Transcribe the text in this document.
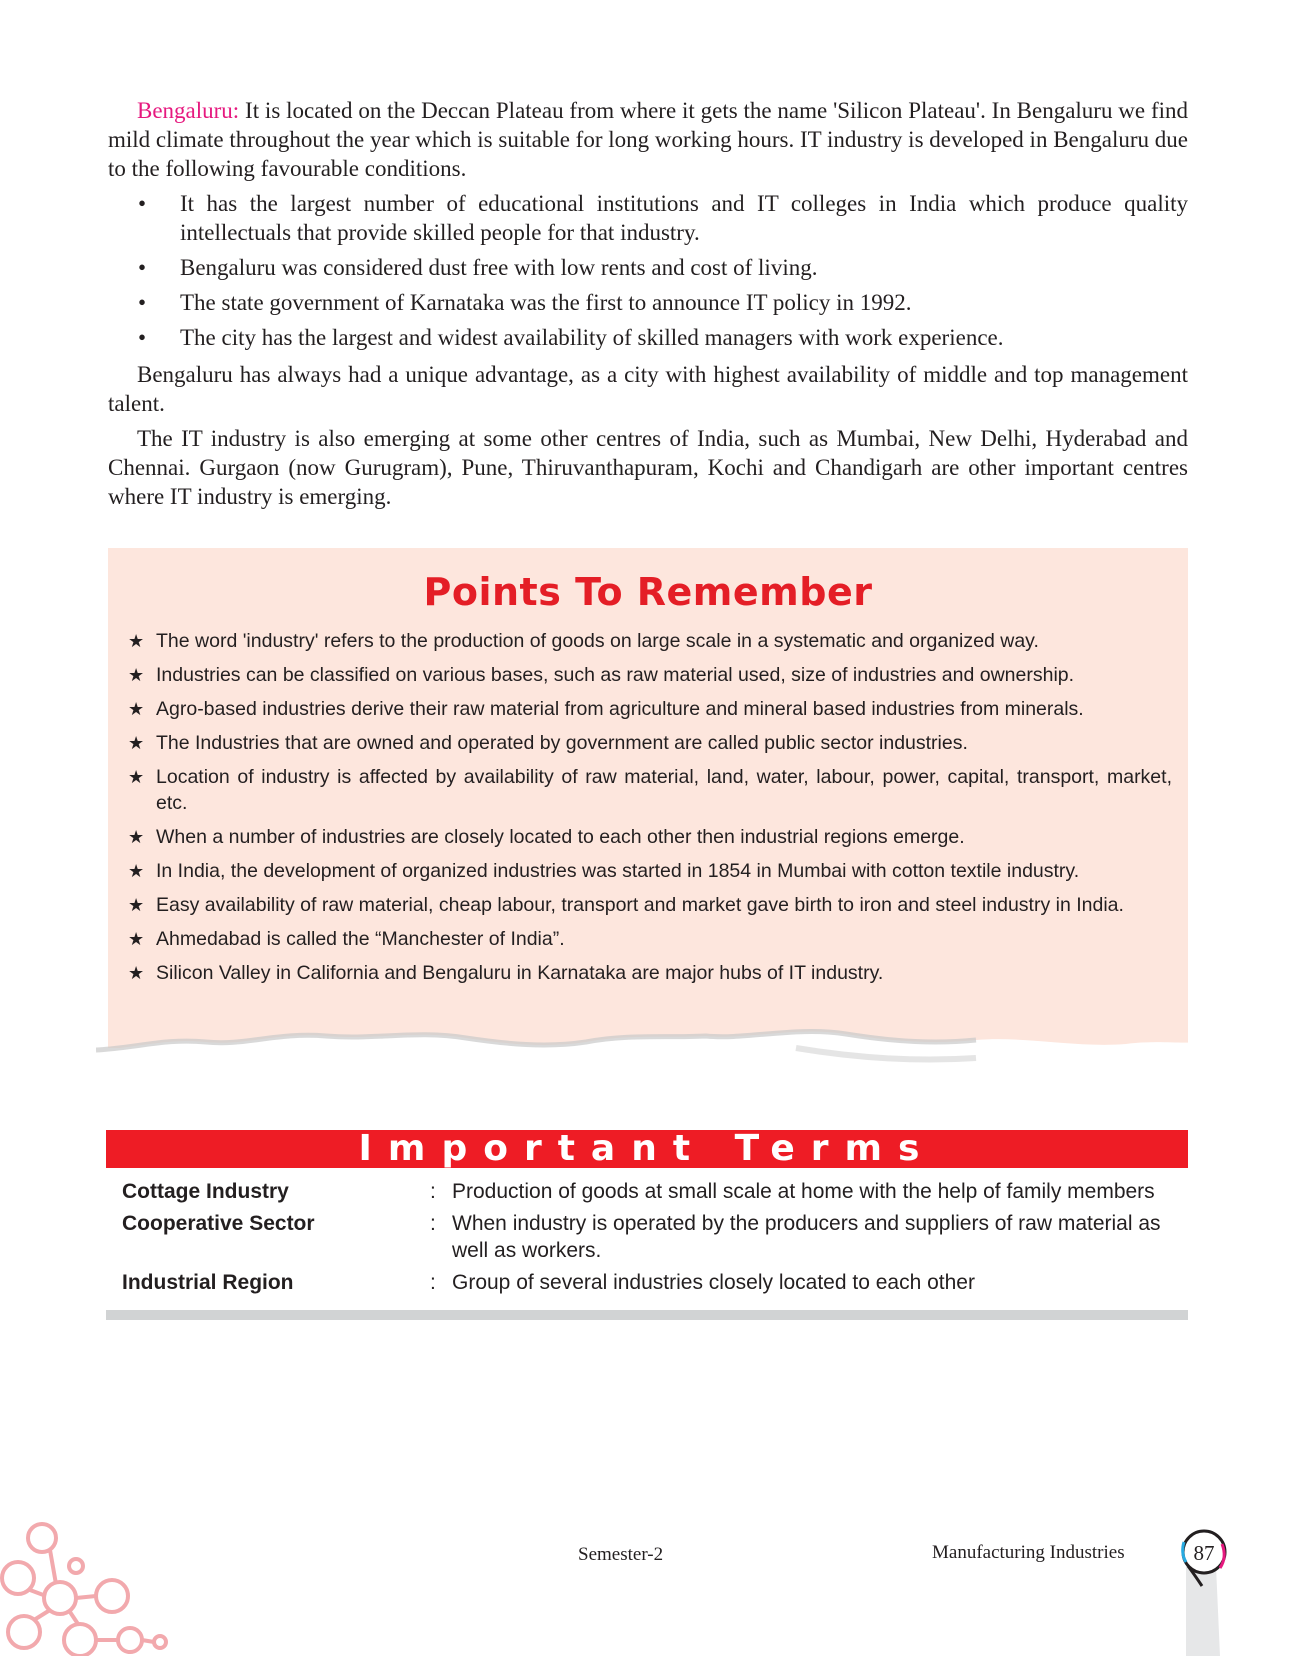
Bengaluru: It is located on the Deccan Plateau from where it gets the name 'Silicon Plateau'. In Bengaluru we find mild climate throughout the year which is suitable for long working hours. IT industry is developed in Bengaluru due to the following favourable conditions.

• It has the largest number of educational institutions and IT colleges in India which produce quality intellectuals that provide skilled people for that industry.
• Bengaluru was considered dust free with low rents and cost of living.
• The state government of Karnataka was the first to announce IT policy in 1992.
• The city has the largest and widest availability of skilled managers with work experience.

Bengaluru has always had a unique advantage, as a city with highest availability of middle and top management talent.

The IT industry is also emerging at some other centres of India, such as Mumbai, New Delhi, Hyderabad and Chennai. Gurgaon (now Gurugram), Pune, Thiruvanthapuram, Kochi and Chandigarh are other important centres where IT industry is emerging.

Points To Remember
★ The word 'industry' refers to the production of goods on large scale in a systematic and organized way.
★ Industries can be classified on various bases, such as raw material used, size of industries and ownership.
★ Agro-based industries derive their raw material from agriculture and mineral based industries from minerals.
★ The Industries that are owned and operated by government are called public sector industries.
★ Location of industry is affected by availability of raw material, land, water, labour, power, capital, transport, market, etc.
★ When a number of industries are closely located to each other then industrial regions emerge.
★ In India, the development of organized industries was started in 1854 in Mumbai with cotton textile industry.
★ Easy availability of raw material, cheap labour, transport and market gave birth to iron and steel industry in India.
★ Ahmedabad is called the “Manchester of India”.
★ Silicon Valley in California and Bengaluru in Karnataka are major hubs of IT industry.
Important Terms
Cottage Industry	: Production of goods at small scale at home with the help of family members
Cooperative Sector	: When industry is operated by the producers and suppliers of raw material as well as workers.
Industrial Region	: Group of several industries closely located to each other
Semester-2	Manufacturing Industries	87
